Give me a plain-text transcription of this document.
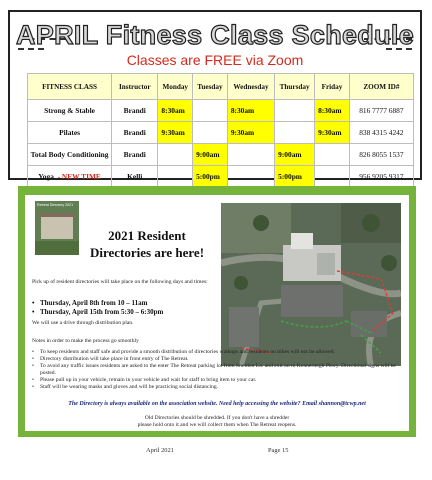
APRIL Fitness Class Schedule
Classes are FREE via Zoom
FITNESS CLASS	Instructor	Monday	Tuesday	Wednesday	Thursday	Friday	ZOOM ID#
Strong & Stable	Brandi	8:30am		8:30am		8:30am	816 7777 6887
Pilates	Brandi	9:30am		9:30am		9:30am	838 4315 4242
Total Body Conditioning	Brandi		9:00am		9:00am		826 8055 1537
Yoga - NEW TIME	Kelli		5:00pm		5:00pm		956 9205 9317
Retreat Directory 2021
2021 Resident
Directories are here!

Pick up of resident directories will take place on the following days and times:

• Thursday, April 8th from 10 – 11am
• Thursday, April 15th from 5:30 – 6:30pm

We will use a drive through distribution plan.

Notes in order to make the process go smoothly

• To keep residents and staff safe and provide a smooth distribution of directories walkups and residents on bikes will not be allowed.
• Directory distribution will take place in front entry of The Retreat.
• To avoid any traffic issues residents are asked to the enter The Retreat parking lot from Sheldon Ln. and exit on to Kennerleigh Pkwy. Directional signs will be posted.
• Please pull up in your vehicle, remain in your vehicle and wait for staff to bring item to your car.
• Staff will be wearing masks and gloves and will be practicing social distancing.

The Directory is always available on the association website. Need help accessing the website? Email shannon@tcwp.net

Old Directories should be shredded. If you don't have a shredder
please hold onto it and we will collect them when The Retreat reopens.
April 2021	Page 15
